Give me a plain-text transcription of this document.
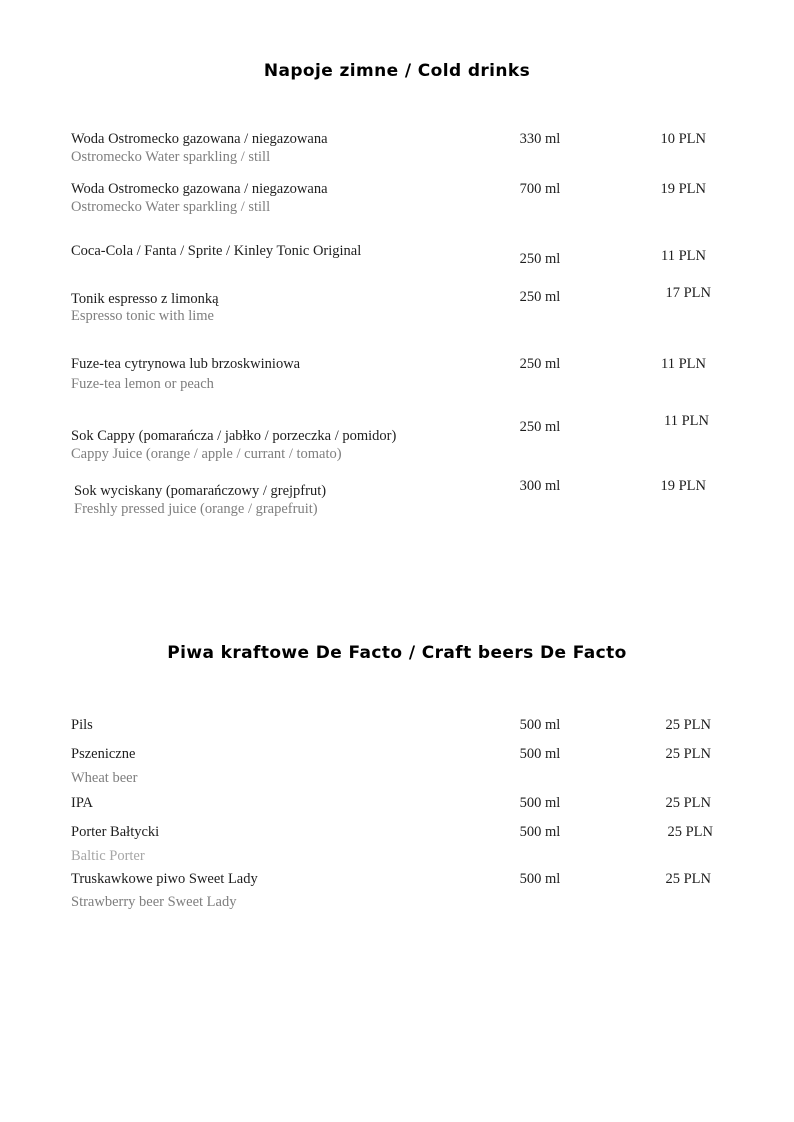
Napoje zimne / Cold drinks
Woda Ostromecko gazowana / niegazowana
Ostromecko Water sparkling / still
330 ml	10 PLN
Woda Ostromecko gazowana / niegazowana
Ostromecko Water sparkling / still
700 ml	19 PLN
Coca-Cola / Fanta / Sprite / Kinley Tonic Original	250 ml	11 PLN
Tonik espresso z limonką
Espresso tonic with lime
250 ml	17 PLN
Fuze-tea cytrynowa lub brzoskwiniowa
Fuze-tea lemon or peach
250 ml	11 PLN
Sok Cappy (pomarańcza / jabłko / porzeczka / pomidor)
Cappy Juice (orange / apple / currant / tomato)
250 ml	11 PLN
Sok wyciskany (pomarańczowy / grejpfrut)
Freshly pressed juice (orange / grapefruit)
300 ml	19 PLN
Piwa kraftowe De Facto / Craft beers De Facto
Pils	500 ml	25 PLN
Pszeniczne
Wheat beer
500 ml	25 PLN
IPA	500 ml	25 PLN
Porter Bałtycki
Baltic Porter
500 ml	25 PLN
Truskawkowe piwo Sweet Lady
Strawberry beer Sweet Lady
500 ml	25 PLN
